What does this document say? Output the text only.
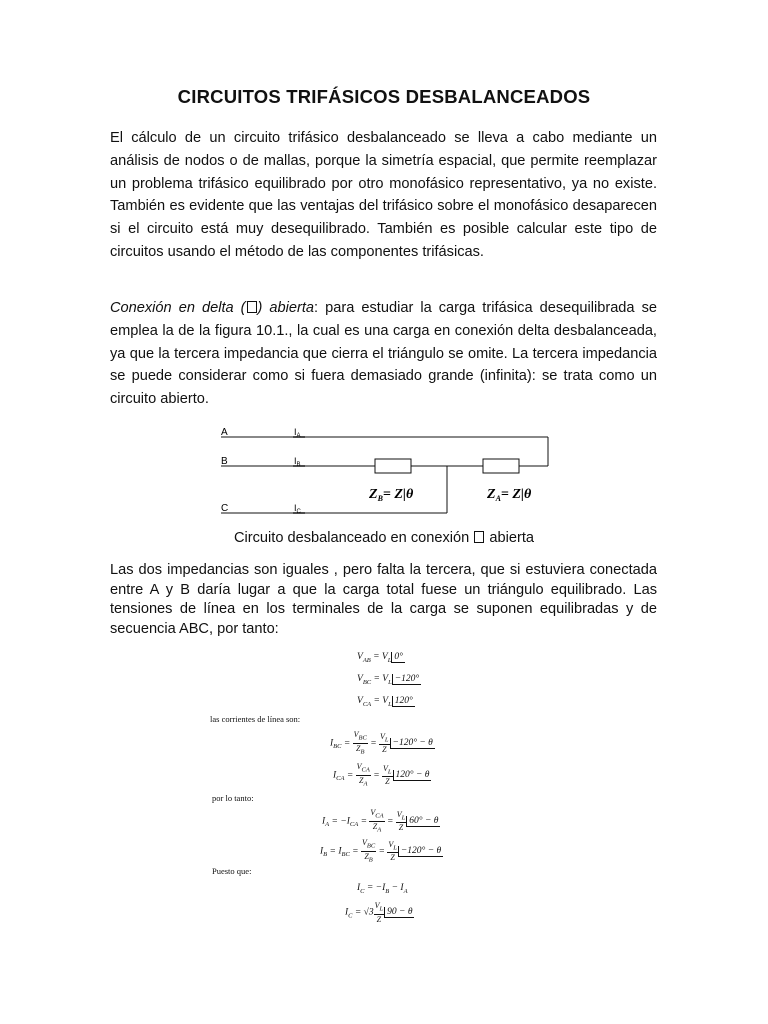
CIRCUITOS TRIFÁSICOS DESBALANCEADOS

El cálculo de un circuito trifásico desbalanceado se lleva a cabo mediante un análisis de nodos o de mallas, porque la simetría espacial, que permite reemplazar un problema trifásico equilibrado por otro monofásico representativo, ya no existe. También es evidente que las ventajas del trifásico sobre el monofásico desaparecen si el circuito está muy desequilibrado. También es posible calcular este tipo de circuitos usando el método de las componentes trifásicas.

Conexión en delta ( ) abierta: para estudiar la carga trifásica desequilibrada se emplea la de la figura 10.1., la cual es una carga en conexión delta desbalanceada, ya que la tercera impedancia que cierra el triángulo se omite. La tercera impedancia se puede considerar como si fuera demasiado grande (infinita): se trata como un circuito abierto.

A
B
C
$I_A$
$I_B$
$I_C$
$Z_B= Z|\theta$	$Z_A= Z|\theta$
Circuito desbalanceado en conexión abierta

Las dos impedancias son iguales , pero falta la tercera, que si estuviera conectada entre A y B daría lugar a que la carga total fuese un triángulo equilibrado. Las tensiones de línea en los terminales de la carga se suponen equilibradas y de secuencia ABC, por tanto:

$V_{AB} = V_L$ 0°
$V_{BC} = V_L -120^\circ$
$V_{CA} = V_L$ 120°
las corrientes de línea son:
$I_{BC} = \frac{V_{BC}}{Z_B} = \frac{V_L}{Z} -120^\circ - \theta$
$I_{CA} = \frac{V_{CA}}{Z_A} = \frac{V_L}{Z} 120^\circ - \theta$
por lo tanto:
$I_A = -I_{CA} = \frac{V_{CA}}{Z_A} = \frac{V_L}{Z} 60^\circ - \theta$
$I_B = I_{BC} = \frac{V_{BC}}{Z_B} = \frac{V_L}{Z} -120^\circ - \theta$
Puesto que:
$I_C = -I_B - I_A$
$I_C = √3 \frac{V_L}{Z} 90 - \theta$
